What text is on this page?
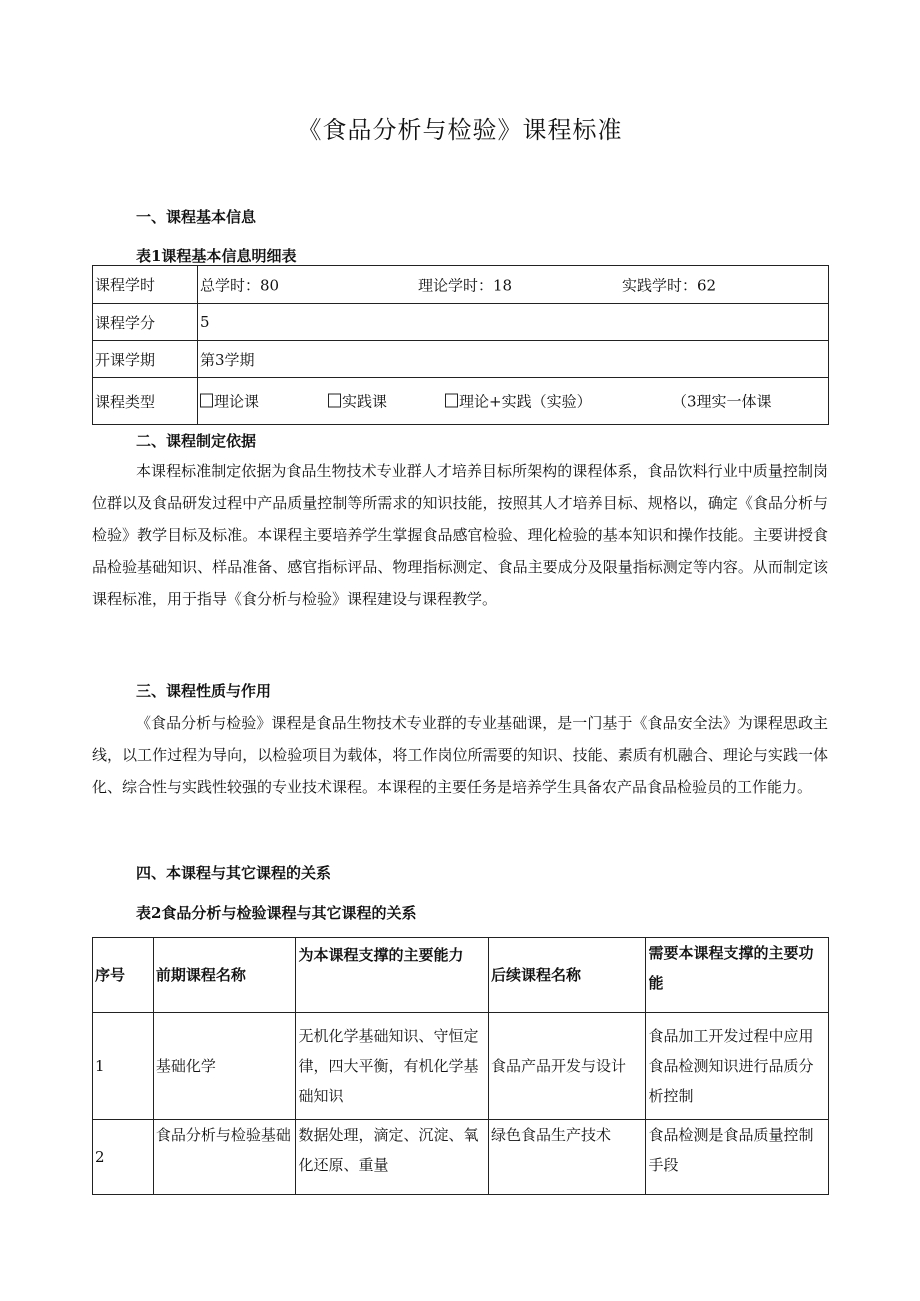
《食品分析与检验》课程标准
一、课程基本信息
表1课程基本信息明细表
课程学时	总学时：80 理论学时：18 实践学时：62

课程学分	5
开课学期	第3学期
课程类型	理论课 实践课 理论+实践（实验） （3理实一体课
二、课程制定依据

本课程标准制定依据为食品生物技术专业群人才培养目标所架构的课程体系，食品饮料行业中质量控制岗位群以及食品研发过程中产品质量控制等所需求的知识技能，按照其人才培养目标、规格以，确定《食品分析与检验》教学目标及标准。本课程主要培养学生掌握食品感官检验、理化检验的基本知识和操作技能。主要讲授食品检验基础知识、样品准备、感官指标评品、物理指标测定、食品主要成分及限量指标测定等内容。从而制定该课程标准，用于指导《食分析与检验》课程建设与课程教学。

三、课程性质与作用

《食品分析与检验》课程是食品生物技术专业群的专业基础课，是一门基于《食品安全法》为课程思政主线，以工作过程为导向，以检验项目为载体，将工作岗位所需要的知识、技能、素质有机融合、理论与实践一体化、综合性与实践性较强的专业技术课程。本课程的主要任务是培养学生具备农产品食品检验员的工作能力。

四、本课程与其它课程的关系
表2食品分析与检验课程与其它课程的关系
序号	前期课程名称	为本课程支撑的主要能力	后续课程名称	需要本课程支撑的主要功能
1	基础化学	无机化学基础知识、守恒定律，四大平衡，有机化学基础知识	食品产品开发与设计	食品加工开发过程中应用食品检测知识进行品质分析控制
2	食品分析与检验基础	数据处理，滴定、沉淀、氧化还原、重量	绿色食品生产技术	食品检测是食品质量控制手段
